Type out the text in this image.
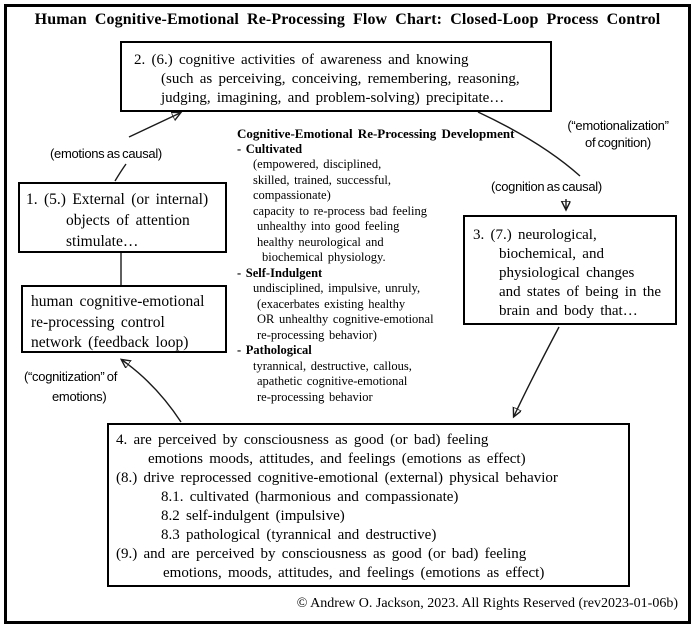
Human Cognitive-Emotional Re-Processing Flow Chart: Closed-Loop Process Control
2. (6.) cognitive activities of awareness and knowing
(such as perceiving, conceiving, remembering, reasoning,
judging, imagining, and problem-solving) precipitate…
1. (5.) External (or internal)
objects of attention
stimulate…
human cognitive-emotional
re-processing control
network (feedback loop)
3. (7.) neurological,
biochemical, and
physiological changes
and states of being in the
brain and body that…
4. are perceived by consciousness as good (or bad) feeling
emotions moods, attitudes, and feelings (emotions as effect)
(8.) drive reprocessed cognitive-emotional (external) physical behavior
8.1. cultivated (harmonious and compassionate)
8.2 self-indulgent (impulsive)
8.3 pathological (tyrannical and destructive)
(9.) and are perceived by consciousness as good (or bad) feeling
emotions, moods, attitudes, and feelings (emotions as effect)
Cognitive-Emotional Re-Processing Development
- Cultivated
(empowered, disciplined,
skilled, trained, successful,
compassionate)
capacity to re-process bad feeling
unhealthy into good feeling
healthy neurological and
biochemical physiology.
- Self-Indulgent
undisciplined, impulsive, unruly,
(exacerbates existing healthy
OR unhealthy cognitive-emotional
re-processing behavior)
- Pathological
tyrannical, destructive, callous,
apathetic cognitive-emotional
re-processing behavior
(emotions as causal)
(“emotionalization”
of cognition)
(cognition as causal)
(“cognitization” of
emotions)
© Andrew O. Jackson, 2023. All Rights Reserved (rev2023-01-06b)
